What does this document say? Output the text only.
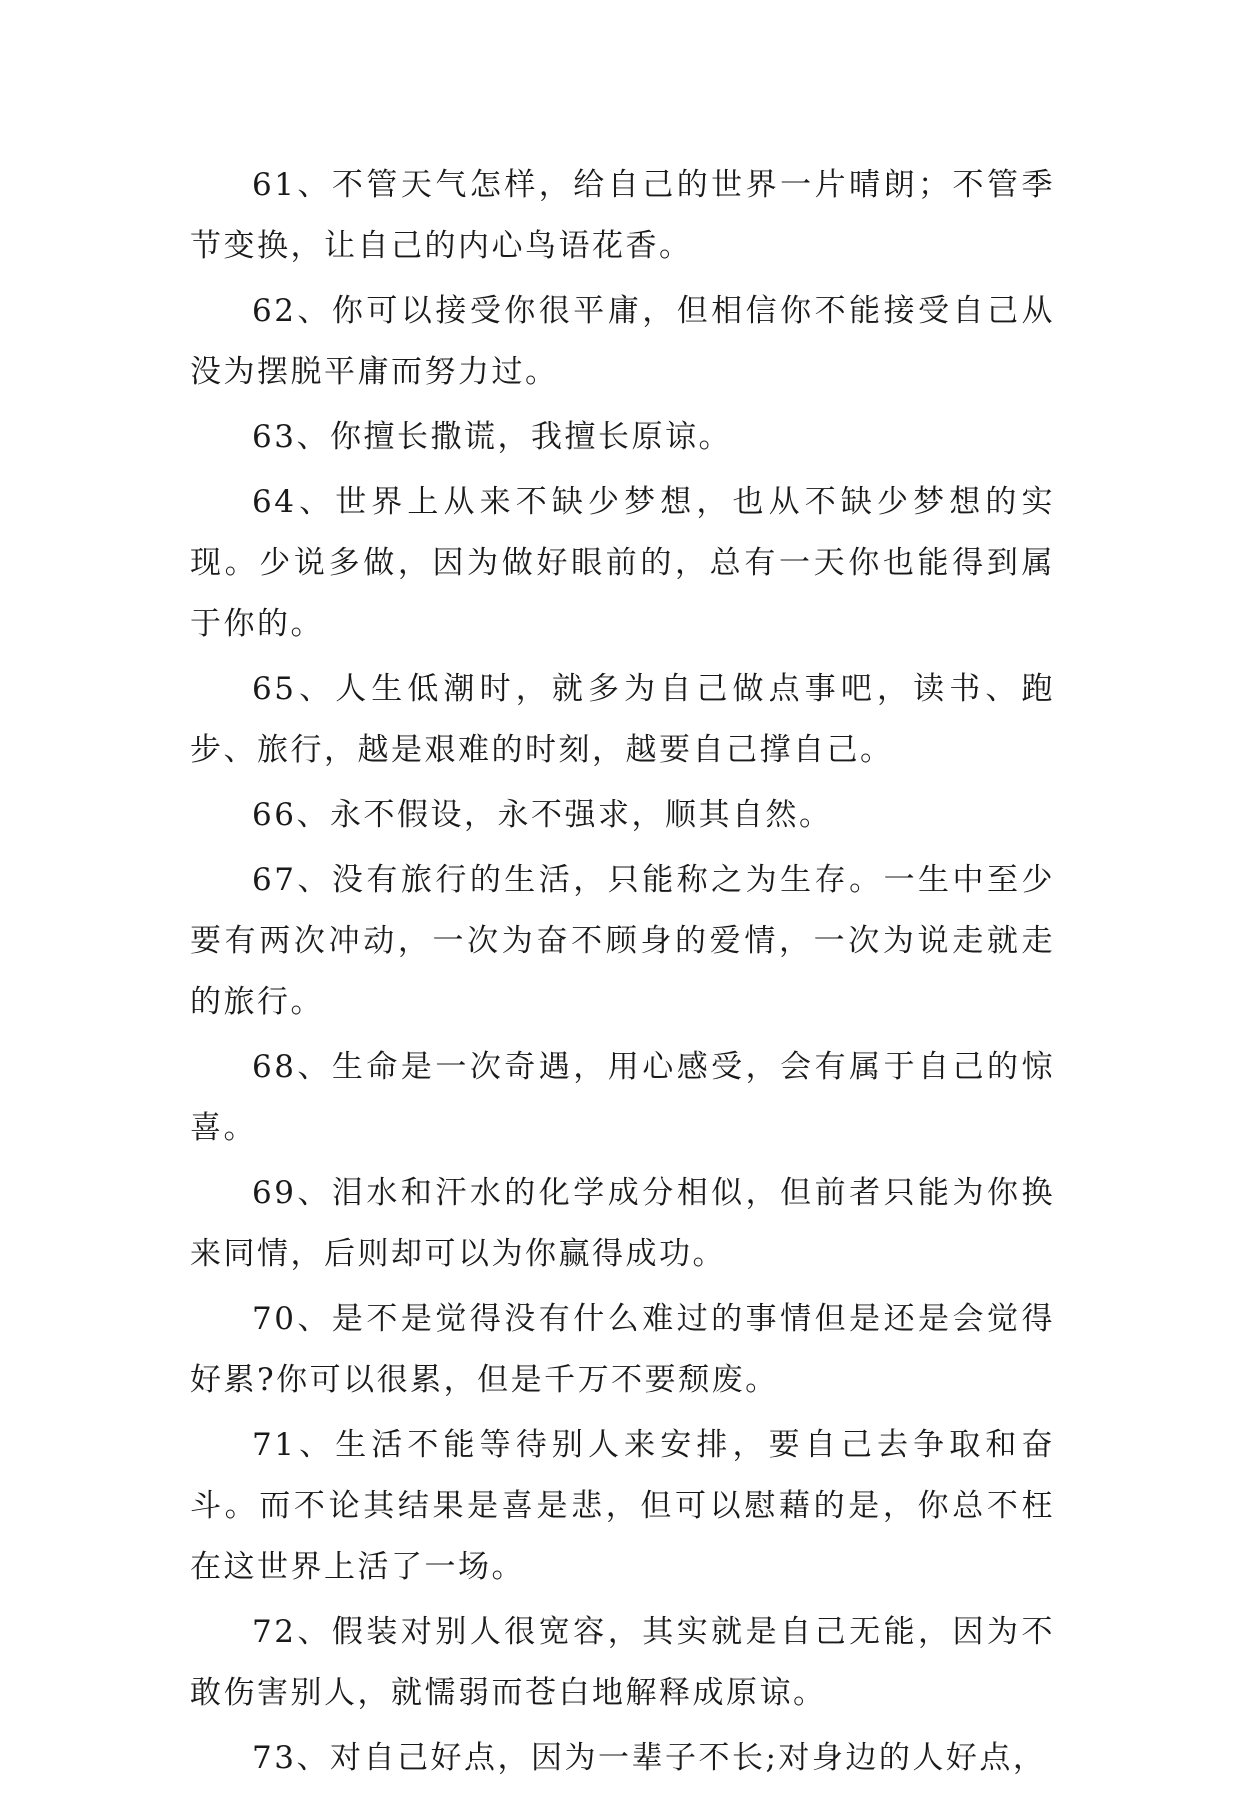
61、不管天气怎样，给自己的世界一片晴朗；不管季节变换，让自己的内心鸟语花香。

62、你可以接受你很平庸，但相信你不能接受自己从没为摆脱平庸而努力过。

63、你擅长撒谎，我擅长原谅。

64、世界上从来不缺少梦想，也从不缺少梦想的实现。少说多做，因为做好眼前的，总有一天你也能得到属于你的。

65、人生低潮时，就多为自己做点事吧，读书、跑步、旅行，越是艰难的时刻，越要自己撑自己。

66、永不假设，永不强求，顺其自然。

67、没有旅行的生活，只能称之为生存。一生中至少要有两次冲动，一次为奋不顾身的爱情，一次为说走就走的旅行。

68、生命是一次奇遇，用心感受，会有属于自己的惊喜。

69、泪水和汗水的化学成分相似，但前者只能为你换来同情，后则却可以为你赢得成功。

70、是不是觉得没有什么难过的事情但是还是会觉得好累?你可以很累，但是千万不要颓废。

71、生活不能等待别人来安排，要自己去争取和奋斗。而不论其结果是喜是悲，但可以慰藉的是，你总不枉在这世界上活了一场。

72、假装对别人很宽容，其实就是自己无能，因为不敢伤害别人，就懦弱而苍白地解释成原谅。

73、对自己好点，因为一辈子不长;对身边的人好点，
